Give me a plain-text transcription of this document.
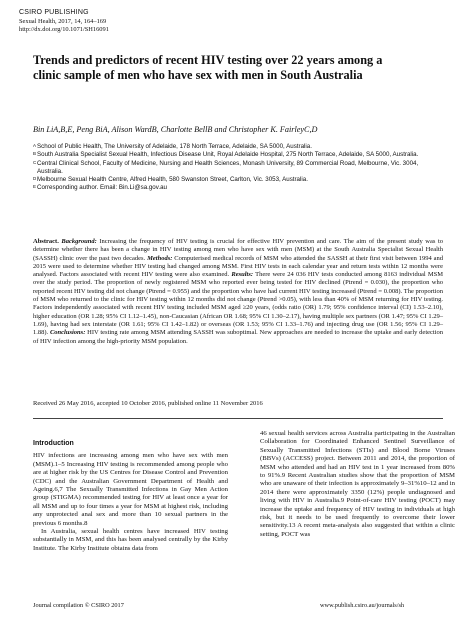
CSIRO PUBLISHING
Sexual Health, 2017, 14, 164–169
http://dx.doi.org/10.1071/SH16091
Trends and predictors of recent HIV testing over 22 years among a clinic sample of men who have sex with men in South Australia
Bin LiA,B,E, Peng BiA, Alison WardB, Charlotte BellB and Christopher K. FairleyC,D
A School of Public Health, The University of Adelaide, 178 North Terrace, Adelaide, SA 5000, Australia.
B South Australia Specialist Sexual Health, Infectious Disease Unit, Royal Adelaide Hospital, 275 North Terrace, Adelaide, SA 5000, Australia.
C Central Clinical School, Faculty of Medicine, Nursing and Health Sciences, Monash University, 89 Commercial Road, Melbourne, Vic. 3004, Australia.
D Melbourne Sexual Health Centre, Alfred Health, 580 Swanston Street, Carlton, Vic. 3053, Australia.
E Corresponding author. Email: Bin.Li@sa.gov.au
Abstract. Background: Increasing the frequency of HIV testing is crucial for effective HIV prevention and care. The aim of the present study was to determine whether there has been a change in HIV testing among men who have sex with men (MSM) at the South Australia Specialist Sexual Health (SASSH) clinic over the past two decades. Methods: Computerised medical records of MSM who attended the SASSH at their first visit between 1994 and 2015 were used to determine whether HIV testing had changed among MSM. First HIV tests in each calendar year and return tests within 12 months were analysed. Factors associated with recent HIV testing were also examined. Results: There were 24 036 HIV tests conducted among 8163 individual MSM over the study period. The proportion of newly registered MSM who reported ever being tested for HIV declined (Ptrend = 0.030), the proportion who reported recent HIV testing did not change (Ptrend = 0.955) and the proportion who have had current HIV testing increased (Ptrend = 0.008). The proportion of MSM who returned to the clinic for HIV testing within 12 months did not change (Ptrend >0.05), with less than 40% of MSM returning for HIV testing. Factors independently associated with recent HIV testing included MSM aged ≥20 years, (odds ratio (OR) 1.79; 95% confidence interval (CI) 1.53–2.10), higher education (OR 1.28; 95% CI 1.12–1.45), non-Caucasian (African OR 1.68; 95% CI 1.30–2.17), having multiple sex partners (OR 1.47; 95% CI 1.29–1.69), having had sex interstate (OR 1.61; 95% CI 1.42–1.82) or overseas (OR 1.53; 95% CI 1.33–1.76) and injecting drug use (OR 1.56; 95% CI 1.29–1.88). Conclusions: HIV testing rate among MSM attending SASSH was suboptimal. New approaches are needed to increase the uptake and early detection of HIV infection among the high-priority MSM population.
Received 26 May 2016, accepted 10 October 2016, published online 11 November 2016
Introduction

HIV infections are increasing among men who have sex with men (MSM).1–5 Increasing HIV testing is recommended among people who are at higher risk by the US Centres for Disease Control and Prevention (CDC) and the Australian Government Department of Health and Ageing.6,7 The Sexually Transmitted Infections in Gay Men Action group (STIGMA) recommended testing for HIV at least once a year for all MSM and up to four times a year for MSM at highest risk, including any unprotected anal sex and more than 10 sexual partners in the previous 6 months.8

In Australia, sexual health centres have increased HIV testing substantially in MSM, and this has been analysed centrally by the Kirby Institute. The Kirby Institute obtains data from

46 sexual health services across Australia participating in the Australian Collaboration for Coordinated Enhanced Sentinel Surveillance of Sexually Transmitted Infections (STIs) and Blood Borne Viruses (BBVs) (ACCESS) project. Between 2011 and 2014, the proportion of MSM who attended and had an HIV test in 1 year increased from 80% to 91%.9 Recent Australian studies show that the proportion of MSM who are unaware of their infection is approximately 9–31%10–12 and in 2014 there were approximately 3350 (12%) people undiagnosed and living with HIV in Australia.9 Point-of-care HIV testing (POCT) may increase the uptake and frequency of HIV testing in individuals at high risk, but it needs to be used frequently to overcome their lower sensitivity.13 A recent meta-analysis also suggested that within a clinic setting, POCT was

Journal compilation © CSIRO 2017	www.publish.csiro.au/journals/sh
